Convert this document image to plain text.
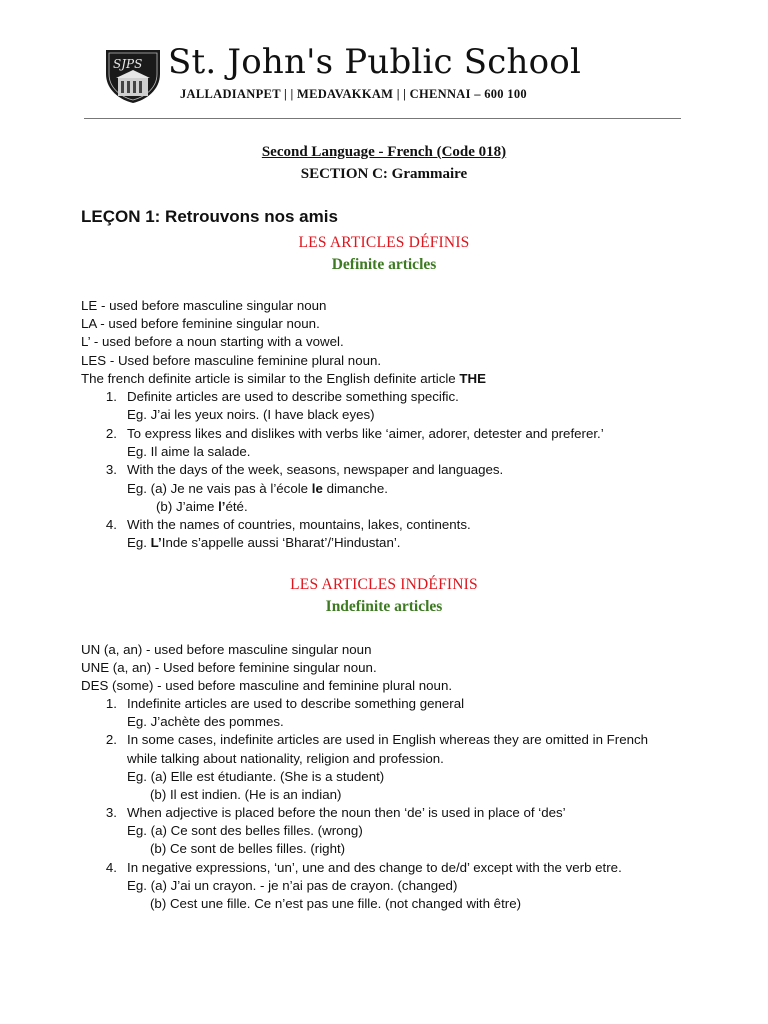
SJPS St. John's Public School
JALLADIANPET | | MEDAVAKKAM | | CHENNAI – 600 100
Second Language - French (Code 018)
SECTION C: Grammaire
LEÇON 1: Retrouvons nos amis
LES ARTICLES DÉFINIS
Definite articles
LE - used before masculine singular noun
LA - used before feminine singular noun.
L’ - used before a noun starting with a vowel.
LES - Used before masculine feminine plural noun.
The french definite article is similar to the English definite article THE
1. Definite articles are used to describe something specific.
Eg. J’ai les yeux noirs. (I have black eyes)
2. To express likes and dislikes with verbs like ‘aimer, adorer, detester and preferer.’
Eg. Il aime la salade.
3. With the days of the week, seasons, newspaper and languages.
Eg. (a) Je ne vais pas à l’école le dimanche.
(b) J’aime l’été.
4. With the names of countries, mountains, lakes, continents.
Eg. L’Inde s’appelle aussi ‘Bharat’/’Hindustan’.
LES ARTICLES INDÉFINIS
Indefinite articles
UN (a, an) - used before masculine singular noun
UNE (a, an) - Used before feminine singular noun.
DES (some) - used before masculine and feminine plural noun.
1. Indefinite articles are used to describe something general
Eg. J’achète des pommes.
2. In some cases, indefinite articles are used in English whereas they are omitted in French
while talking about nationality, religion and profession.
Eg. (a) Elle est étudiante. (She is a student)
(b) Il est indien. (He is an indian)
3. When adjective is placed before the noun then ‘de’ is used in place of ‘des’
Eg. (a) Ce sont des belles filles. (wrong)
(b) Ce sont de belles filles. (right)
4. In negative expressions, ‘un’, une and des change to de/d’ except with the verb etre.
Eg. (a) J’ai un crayon. - je n’ai pas de crayon. (changed)
(b) Cest une fille. Ce n’est pas une fille. (not changed with être)
